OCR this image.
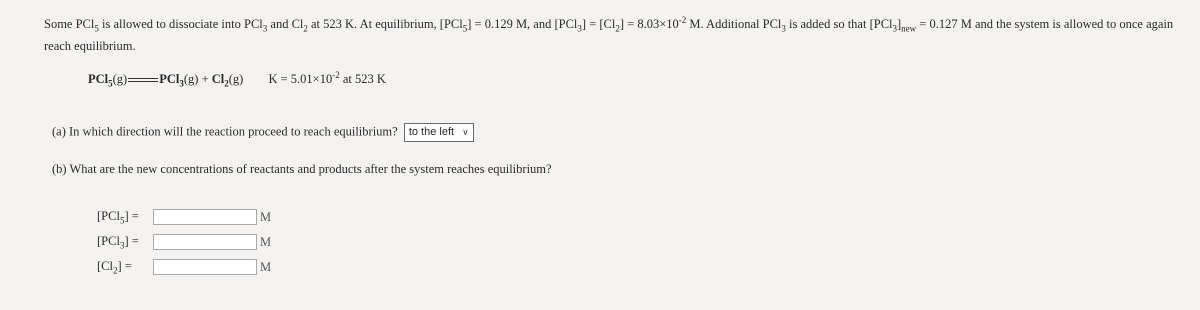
Some PCl$_5$ is allowed to dissociate into PCl$_3$ and $Cl_2$ at 523 K. At equilibrium, [PCl$_5$] = 0.129 M, and $[PCl_3] = [Cl_2] = 8.03\times 10^{-2}$ M. Additional PCl$_3$ is added so that $[PCl_3]_{new} = 0.127$ M and the system is allowed to once again reach equilibrium.
PCl$_5$(g)	$PCl_3(g) + Cl_2(g) K = 5.01\times 10^{-2}$ at 523 K
(a) In which direction will the reaction proceed to reach equilibrium? to the left ∨
(b) What are the new concentrations of reactants and products after the system reaches equilibrium?
[PCl$_5$] =	M
[PCl$_3$] =	M
$[Cl_2]$ =	M
